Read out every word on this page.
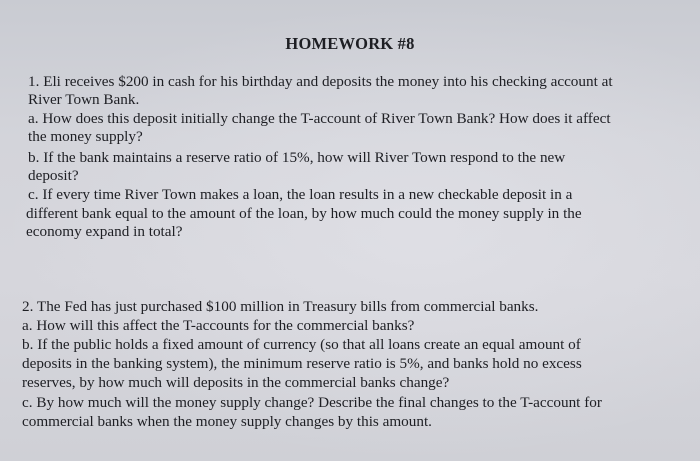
HOMEWORK #8
1. Eli receives $200 in cash for his birthday and deposits the money into his checking account at
River Town Bank.
a. How does this deposit initially change the T-account of River Town Bank? How does it affect
the money supply?
b. If the bank maintains a reserve ratio of 15%, how will River Town respond to the new
deposit?
c. If every time River Town makes a loan, the loan results in a new checkable deposit in a
different bank equal to the amount of the loan, by how much could the money supply in the
economy expand in total?
2. The Fed has just purchased $100 million in Treasury bills from commercial banks.
a. How will this affect the T-accounts for the commercial banks?
b. If the public holds a fixed amount of currency (so that all loans create an equal amount of
deposits in the banking system), the minimum reserve ratio is 5%, and banks hold no excess
reserves, by how much will deposits in the commercial banks change?
c. By how much will the money supply change? Describe the final changes to the T-account for
commercial banks when the money supply changes by this amount.
